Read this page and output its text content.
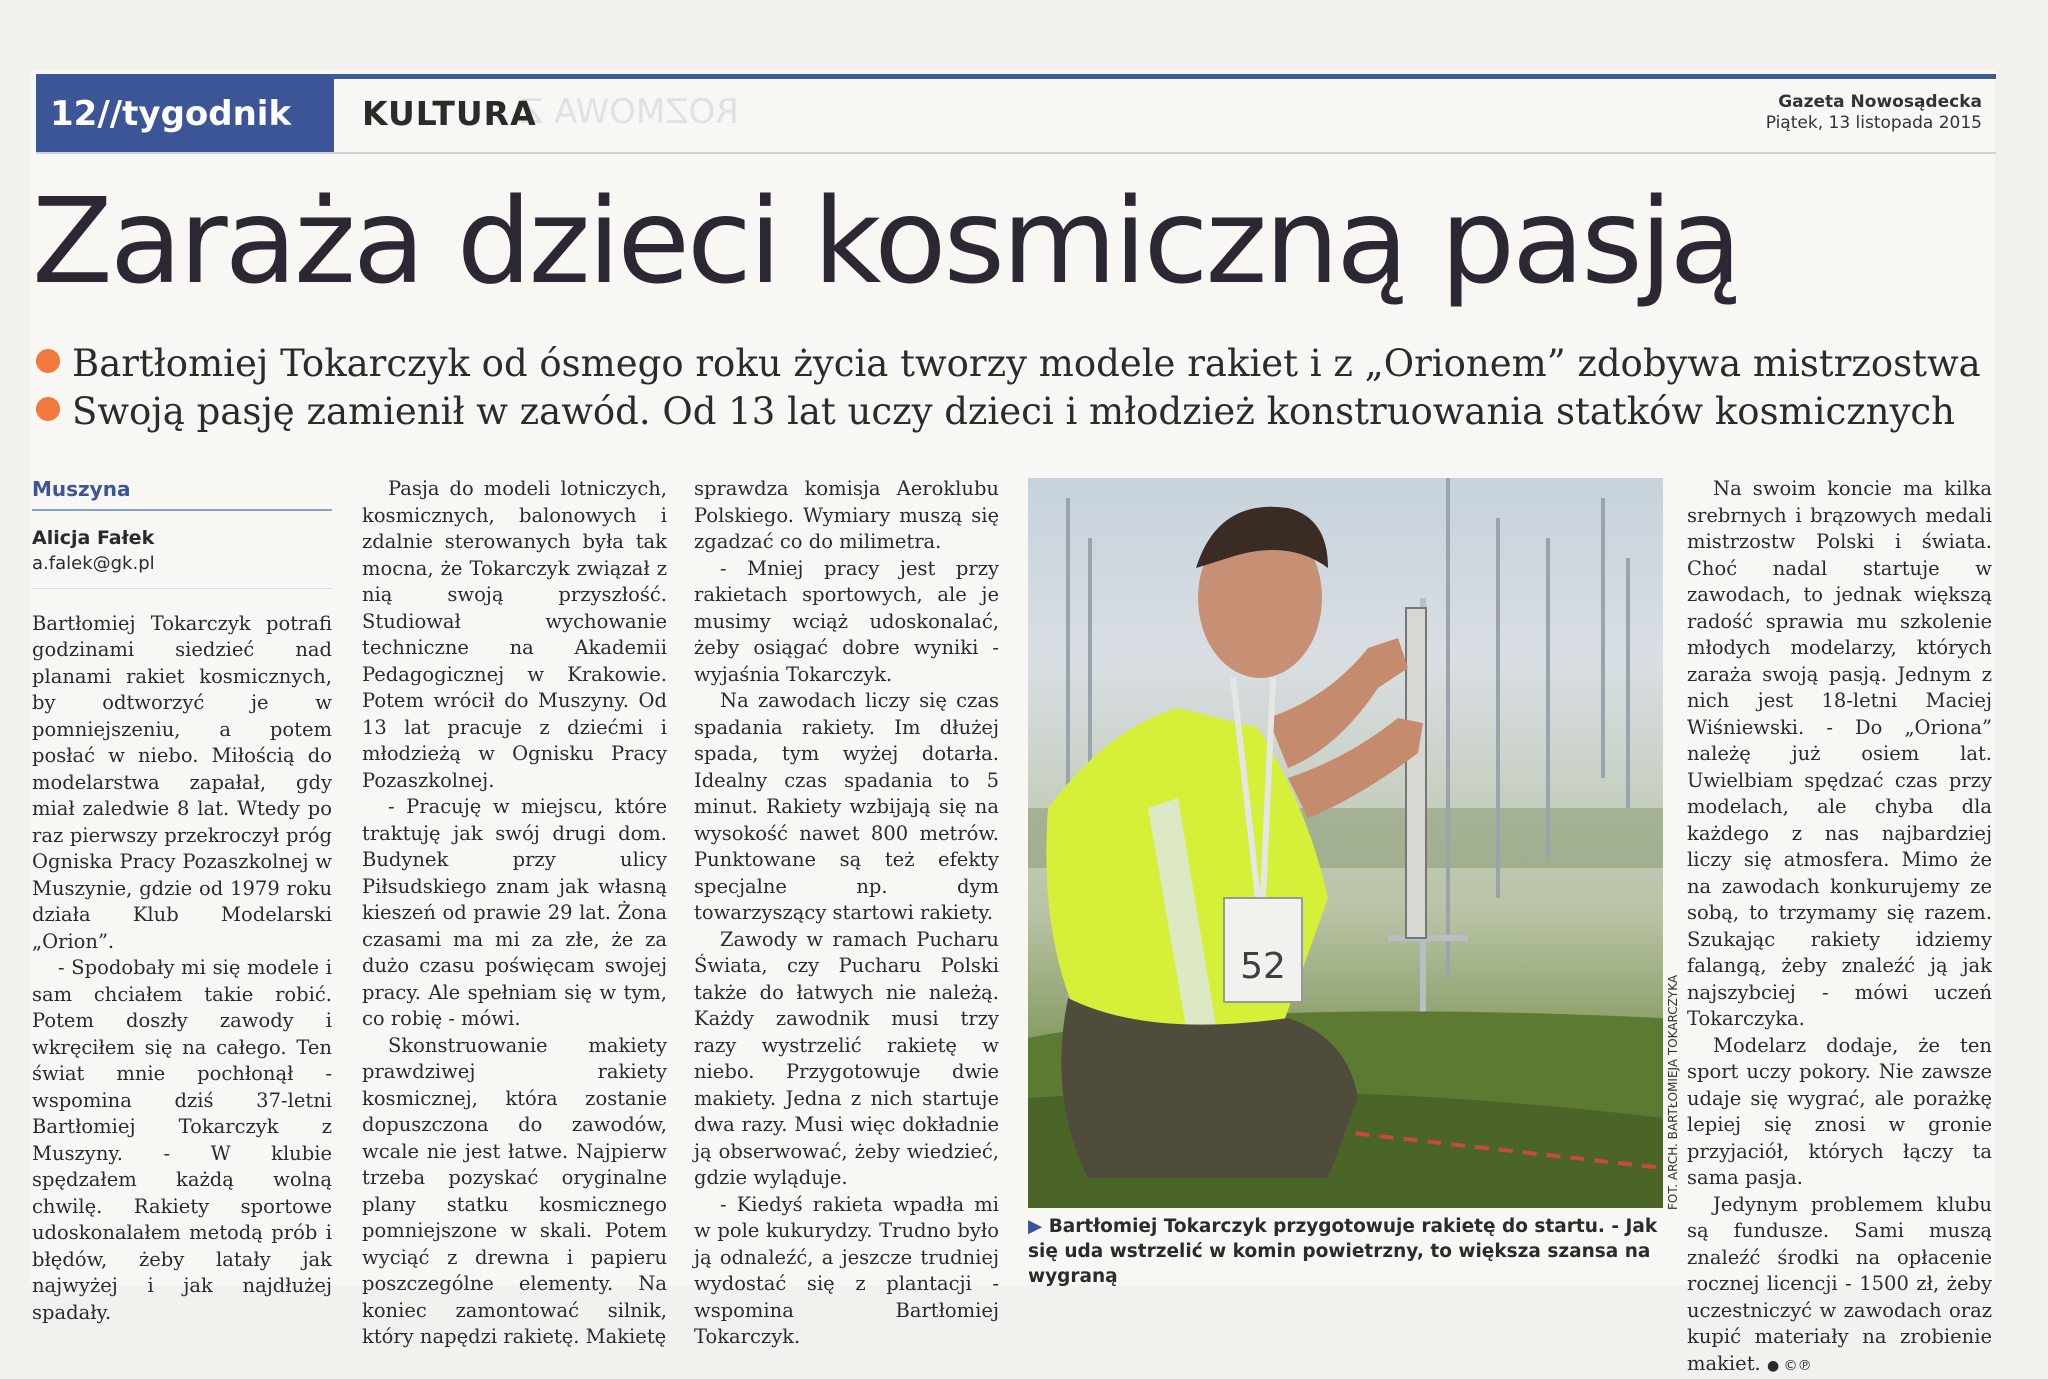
ROZMOWA Z
12//tygodnik	KULTURA	Gazeta Nowosądecka
Piątek, 13 listopada 2015
Zaraża dzieci kosmiczną pasją
Bartłomiej Tokarczyk od ósmego roku życia tworzy modele rakiet i z „Orionem” zdobywa mistrzostwa
Swoją pasję zamienił w zawód. Od 13 lat uczy dzieci i młodzież konstruowania statków kosmicznych
Muszyna
Alicja Fałek
a.falek@gk.pl

Bartłomiej Tokarczyk potrafi godzinami siedzieć nad planami rakiet kosmicznych, by odtworzyć je w pomniejszeniu, a potem posłać w niebo. Miłością do modelarstwa zapałał, gdy miał zaledwie 8 lat. Wtedy po raz pierwszy przekroczył próg Ogniska Pracy Pozaszkolnej w Muszynie, gdzie od 1979 roku działa Klub Modelarski „Orion”.

- Spodobały mi się modele i sam chciałem takie robić. Potem doszły zawody i wkręciłem się na całego. Ten świat mnie pochłonął - wspomina dziś 37-letni Bartłomiej Tokarczyk z Muszyny. - W klubie spędzałem każdą wolną chwilę. Rakiety sportowe udoskonalałem metodą prób i błędów, żeby latały jak najwyżej i jak najdłużej spadały.

Pasja do modeli lotniczych, kosmicznych, balonowych i zdalnie sterowanych była tak mocna, że Tokarczyk związał z nią swoją przyszłość. Studiował wychowanie techniczne na Akademii Pedagogicznej w Krakowie. Potem wrócił do Muszyny. Od 13 lat pracuje z dziećmi i młodzieżą w Ognisku Pracy Pozaszkolnej.

- Pracuję w miejscu, które traktuję jak swój drugi dom. Budynek przy ulicy Piłsudskiego znam jak własną kieszeń od prawie 29 lat. Żona czasami ma mi za złe, że za dużo czasu poświęcam swojej pracy. Ale spełniam się w tym, co robię - mówi.

Skonstruowanie makiety prawdziwej rakiety kosmicznej, która zostanie dopuszczona do zawodów, wcale nie jest łatwe. Najpierw trzeba pozyskać oryginalne plany statku kosmicznego pomniejszone w skali. Potem wyciąć z drewna i papieru poszczególne elementy. Na koniec zamontować silnik, który napędzi rakietę. Makietę

sprawdza komisja Aeroklubu Polskiego. Wymiary muszą się zgadzać co do milimetra.

- Mniej pracy jest przy rakietach sportowych, ale je musimy wciąż udoskonalać, żeby osiągać dobre wyniki - wyjaśnia Tokarczyk.

Na zawodach liczy się czas spadania rakiety. Im dłużej spada, tym wyżej dotarła. Idealny czas spadania to 5 minut. Rakiety wzbijają się na wysokość nawet 800 metrów. Punktowane są też efekty specjalne np. dym towarzyszący startowi rakiety.

Zawody w ramach Pucharu Świata, czy Pucharu Polski także do łatwych nie należą. Każdy zawodnik musi trzy razy wystrzelić rakietę w niebo. Przygotowuje dwie makiety. Jedna z nich startuje dwa razy. Musi więc dokładnie ją obserwować, żeby wiedzieć, gdzie wyląduje.

- Kiedyś rakieta wpadła mi w pole kukurydzy. Trudno było ją odnaleźć, a jeszcze trudniej wydostać się z plantacji - wspomina Bartłomiej Tokarczyk.

52
FOT. ARCH. BARTŁOMIEJA TOKARCZYKA
▶ Bartłomiej Tokarczyk przygotowuje rakietę do startu. - Jak się uda wstrzelić w komin powietrzny, to większa szansa na wygraną

Na swoim koncie ma kilka srebrnych i brązowych medali mistrzostw Polski i świata. Choć nadal startuje w zawodach, to jednak większą radość sprawia mu szkolenie młodych modelarzy, których zaraża swoją pasją. Jednym z nich jest 18-letni Maciej Wiśniewski. - Do „Oriona” należę już osiem lat. Uwielbiam spędzać czas przy modelach, ale chyba dla każdego z nas najbardziej liczy się atmosfera. Mimo że na zawodach konkurujemy ze sobą, to trzymamy się razem. Szukając rakiety idziemy falangą, żeby znaleźć ją jak najszybciej - mówi uczeń Tokarczyka.

Modelarz dodaje, że ten sport uczy pokory. Nie zawsze udaje się wygrać, ale porażkę lepiej się znosi w gronie przyjaciół, których łączy ta sama pasja.

Jedynym problemem klubu są fundusze. Sami muszą znaleźć środki na opłacenie rocznej licencji - 1500 zł, żeby uczestniczyć w zawodach oraz kupić materiały na zrobienie makiet. ● ©℗
